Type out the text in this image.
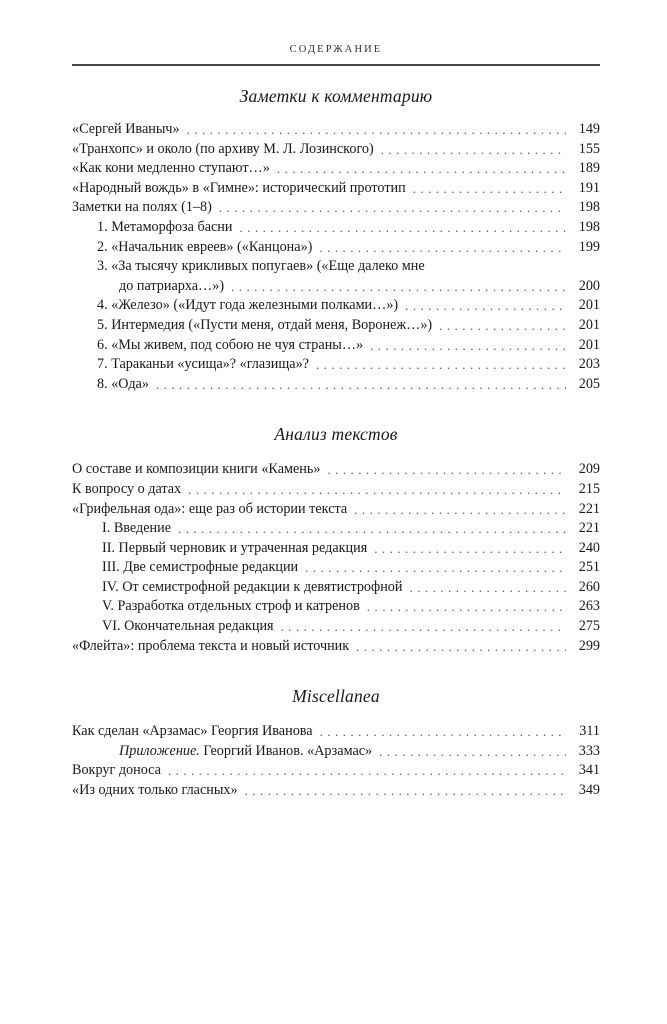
СОДЕРЖАНИЕ
Заметки к комментарию
«Сергей Иваныч» . . .	149
«Транхопс» и около (по архиву М. Л. Лозинского) . . .	155
«Как кони медленно ступают…» . . .	189
«Народный вождь» в «Гимне»: исторический прототип . . .	191
Заметки на полях (1–8) . . .	198
1. Метаморфоза басни . . .	198
2. «Начальник евреев» («Канцона») . . .	199
3. «За тысячу крикливых попугаев» («Еще далеко мне
до патриарха…») . . .	200
4. «Железо» («Идут года железными полками…») . . .	201
5. Интермедия («Пусти меня, отдай меня, Воронеж…») . . .	201
6. «Мы живем, под собою не чуя страны…» . . .	201
7. Тараканьи «усища»? «глазища»? . . .	203
8. «Ода» . . .	205
Анализ текстов
О составе и композиции книги «Камень» . . .	209
К вопросу о датах . . .	215
«Грифельная ода»: еще раз об истории текста . . .	221
I. Введение . . .	221
II. Первый черновик и утраченная редакция . . .	240
III. Две семистрофные редакции . . .	251
IV. От семистрофной редакции к девятистрофной . . .	260
V. Разработка отдельных строф и катренов . . .	263
VI. Окончательная редакция . . .	275
«Флейта»: проблема текста и новый источник . . .	299
Miscellanea
Как сделан «Арзамас» Георгия Иванова . . .	311
Приложение. Георгий Иванов. «Арзамас» . . .	333
Вокруг доноса . . .	341
«Из одних только гласных» . . .	349
